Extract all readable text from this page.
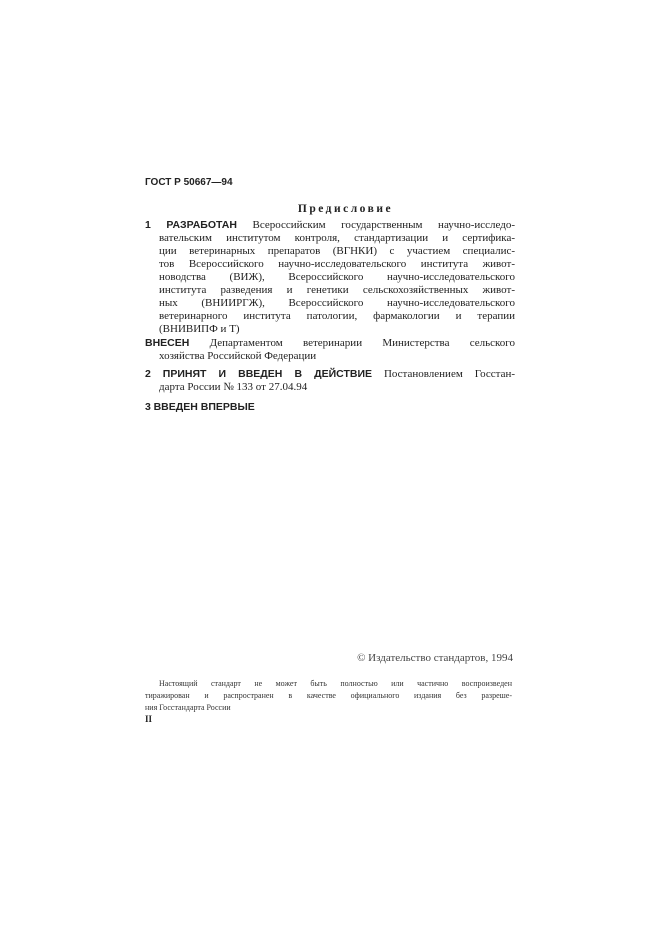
ГОСТ Р 50667—94
Предисловие
1 РАЗРАБОТАН Всероссийским государственным научно-исследо-
вательским институтом контроля, стандартизации и сертифика-
ции ветеринарных препаратов (ВГНКИ) с участием специалис-
тов Всероссийского научно-исследовательского института живот-
новодства (ВИЖ), Всероссийского научно-исследовательского
института разведения и генетики сельскохозяйственных живот-
ных (ВНИИРГЖ), Всероссийского научно-исследовательского
ветеринарного института патологии, фармакологии и терапии
(ВНИВИПФ и Т)
ВНЕСЕН Департаментом ветеринарии Министерства сельского
хозяйства Российской Федерации
2 ПРИНЯТ И ВВЕДЕН В ДЕЙСТВИЕ Постановлением Госстан-
дарта России № 133 от 27.04.94
3 ВВЕДЕН ВПЕРВЫЕ
© Издательство стандартов, 1994
Настоящий стандарт не может быть полностью или частично воспроизведен
тиражирован и распространен в качестве официального издания без разреше-
ния Госстандарта России
II
